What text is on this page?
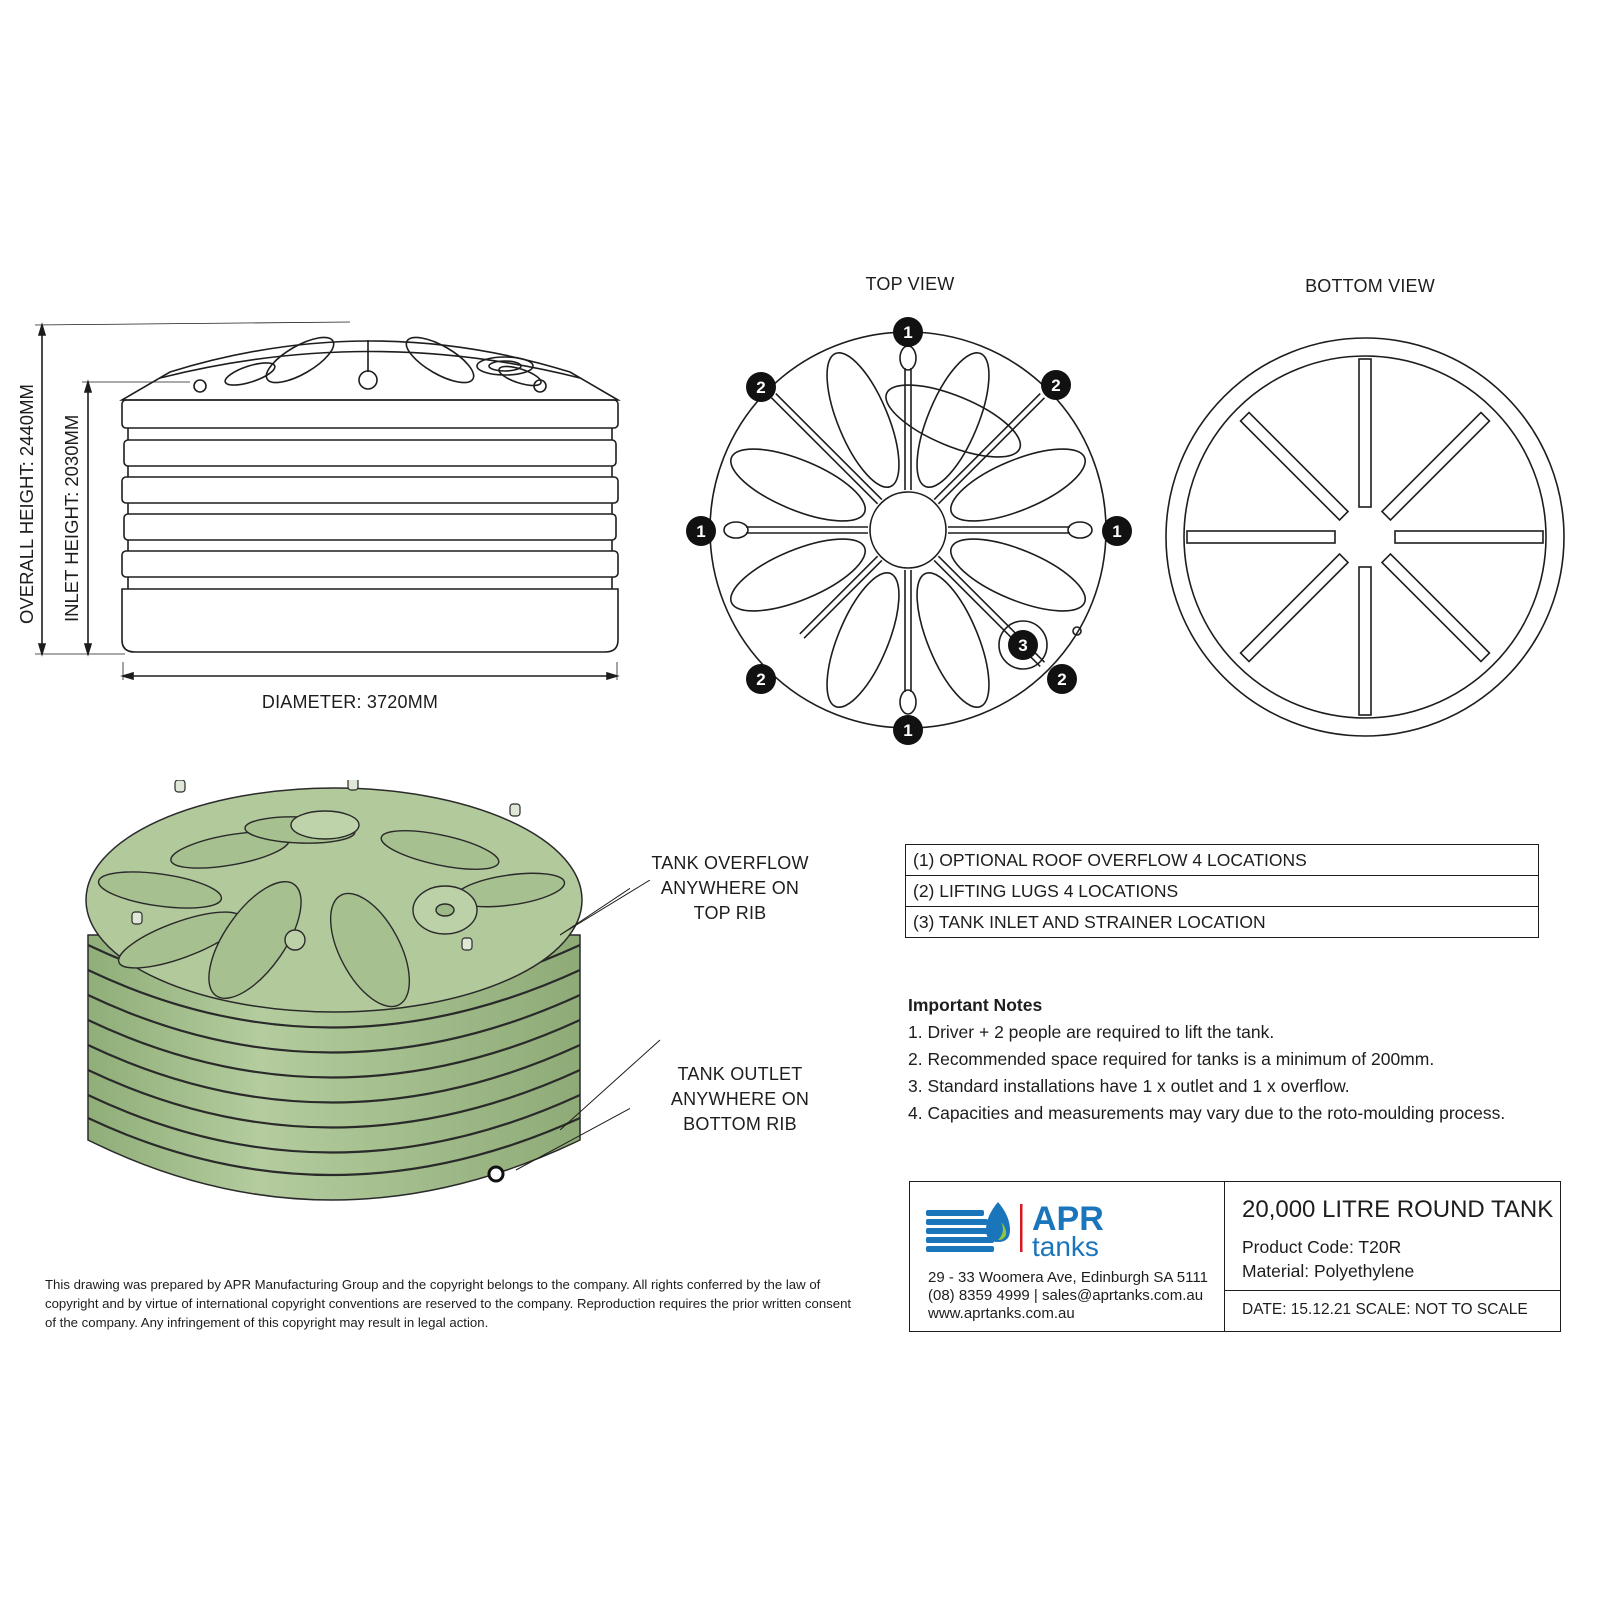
OVERALL HEIGHT: 2440MM INLET HEIGHT: 2030MM
DIAMETER: 3720MM
TOP VIEW
1
1
1	1
2	2
2	2
3
BOTTOM VIEW
TANK OVERFLOW
ANYWHERE ON
TOP RIB
TANK OUTLET
ANYWHERE ON
BOTTOM RIB
(1) OPTIONAL ROOF OVERFLOW 4 LOCATIONS
(2) LIFTING LUGS 4 LOCATIONS
(3) TANK INLET AND STRAINER LOCATION
Important Notes
1. Driver + 2 people are required to lift the tank.
2. Recommended space required for tanks is a minimum of 200mm.
3. Standard installations have 1 x outlet and 1 x overflow.
4. Capacities and measurements may vary due to the roto-moulding process.
This drawing was prepared by APR Manufacturing Group and the copyright belongs to the company. All rights conferred by the law of copyright and by virtue of international copyright conventions are reserved to the company. Reproduction requires the prior written consent of the company. Any infringement of this copyright may result in legal action.
APR
tanks
29 - 33 Woomera Ave, Edinburgh SA 5111
(08) 8359 4999 | sales@aprtanks.com.au
www.aprtanks.com.au
20,000 LITRE ROUND TANK
Product Code: T20R
Material: Polyethylene
DATE: 15.12.21 SCALE: NOT TO SCALE
